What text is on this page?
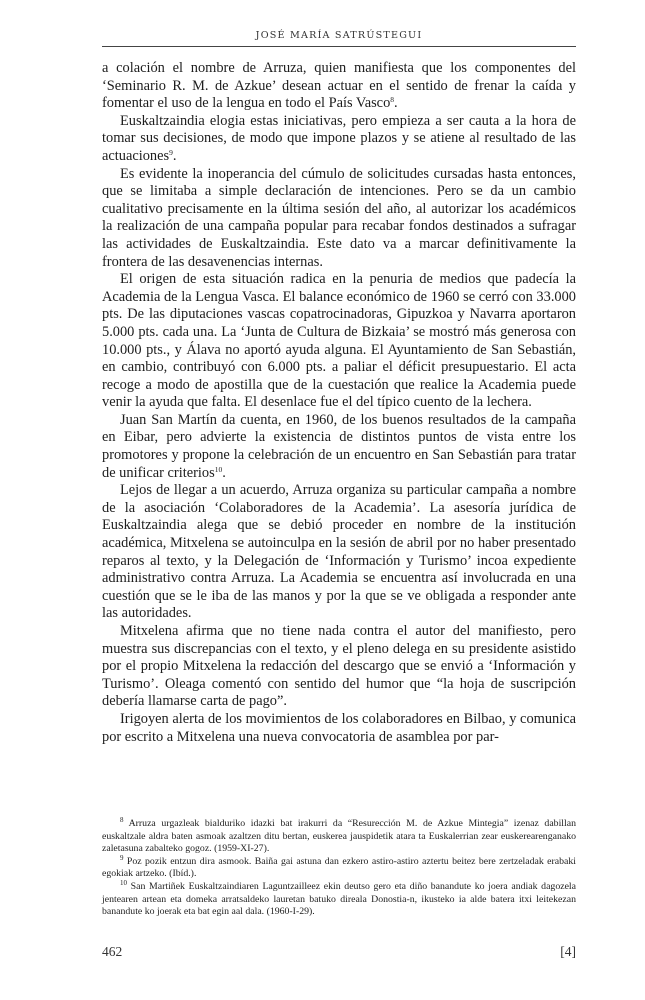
JOSÉ MARÍA SATRÚSTEGUI

a colación el nombre de Arruza, quien manifiesta que los componentes del ‘Seminario R. M. de Azkue’ desean actuar en el sentido de frenar la caída y fomentar el uso de la lengua en todo el País Vasco$^8$.

Euskaltzaindia elogia estas iniciativas, pero empieza a ser cauta a la hora de tomar sus decisiones, de modo que impone plazos y se atiene al resultado de las actuaciones$^9$.

Es evidente la inoperancia del cúmulo de solicitudes cursadas hasta entonces, que se limitaba a simple declaración de intenciones. Pero se da un cambio cualitativo precisamente en la última sesión del año, al autorizar los académicos la realización de una campaña popular para recabar fondos destinados a sufragar las actividades de Euskaltzaindia. Este dato va a marcar definitivamente la frontera de las desavenencias internas.

El origen de esta situación radica en la penuria de medios que padecía la Academia de la Lengua Vasca. El balance económico de 1960 se cerró con 33.000 pts. De las diputaciones vascas copatrocinadoras, Gipuzkoa y Navarra aportaron 5.000 pts. cada una. La ‘Junta de Cultura de Bizkaia’ se mostró más generosa con 10.000 pts., y Álava no aportó ayuda alguna. El Ayuntamiento de San Sebastián, en cambio, contribuyó con 6.000 pts. a paliar el déficit presupuestario. El acta recoge a modo de apostilla que de la cuestación que realice la Academia puede venir la ayuda que falta. El desenlace fue el del típico cuento de la lechera.

Juan San Martín da cuenta, en 1960, de los buenos resultados de la campaña en Eibar, pero advierte la existencia de distintos puntos de vista entre los promotores y propone la celebración de un encuentro en San Sebastián para tratar de unificar criterios$^{10}$.

Lejos de llegar a un acuerdo, Arruza organiza su particular campaña a nombre de la asociación ‘Colaboradores de la Academia’. La asesoría jurídica de Euskaltzaindia alega que se debió proceder en nombre de la institución académica, Mitxelena se autoinculpa en la sesión de abril por no haber presentado reparos al texto, y la Delegación de ‘Información y Turismo’ incoa expediente administrativo contra Arruza. La Academia se encuentra así involucrada en una cuestión que se le iba de las manos y por la que se ve obligada a responder ante las autoridades.

Mitxelena afirma que no tiene nada contra el autor del manifiesto, pero muestra sus discrepancias con el texto, y el pleno delega en su presidente asistido por el propio Mitxelena la redacción del descargo que se envió a ‘Información y Turismo’. Oleaga comentó con sentido del humor que “la hoja de suscripción debería llamarse carta de pago”.

Irigoyen alerta de los movimientos de los colaboradores en Bilbao, y comunica por escrito a Mitxelena una nueva convocatoria de asamblea por par-

$^8$ Arruza urgazleak bialduriko idazki bat irakurri da “Resurección M. de Azkue Mintegia” izenaz dabillan euskaltzale aldra baten asmoak azaltzen ditu bertan, euskerea jauspidetik atara ta Euskalerrian zear euskerearenganako zaletasuna zabalteko gogoz. (1959-XI-27).

$^9$ Poz pozik entzun dira asmook. Baiña gai astuna dan ezkero astiro-astiro aztertu beitez bere zertzeladak erabaki egokiak artzeko. (Ibíd.).

$^{10}$ San Martiñek Euskaltzaindiaren Laguntzailleez ekin deutso gero eta diño banandute ko joera andiak dagozela jentearen artean eta domeka arratsaldeko lauretan batuko direala Donostia-n, ikusteko ia alde batera itxi leitekezan banandute ko joerak eta bat egin aal dala. (1960-I-29).

462	[4]
